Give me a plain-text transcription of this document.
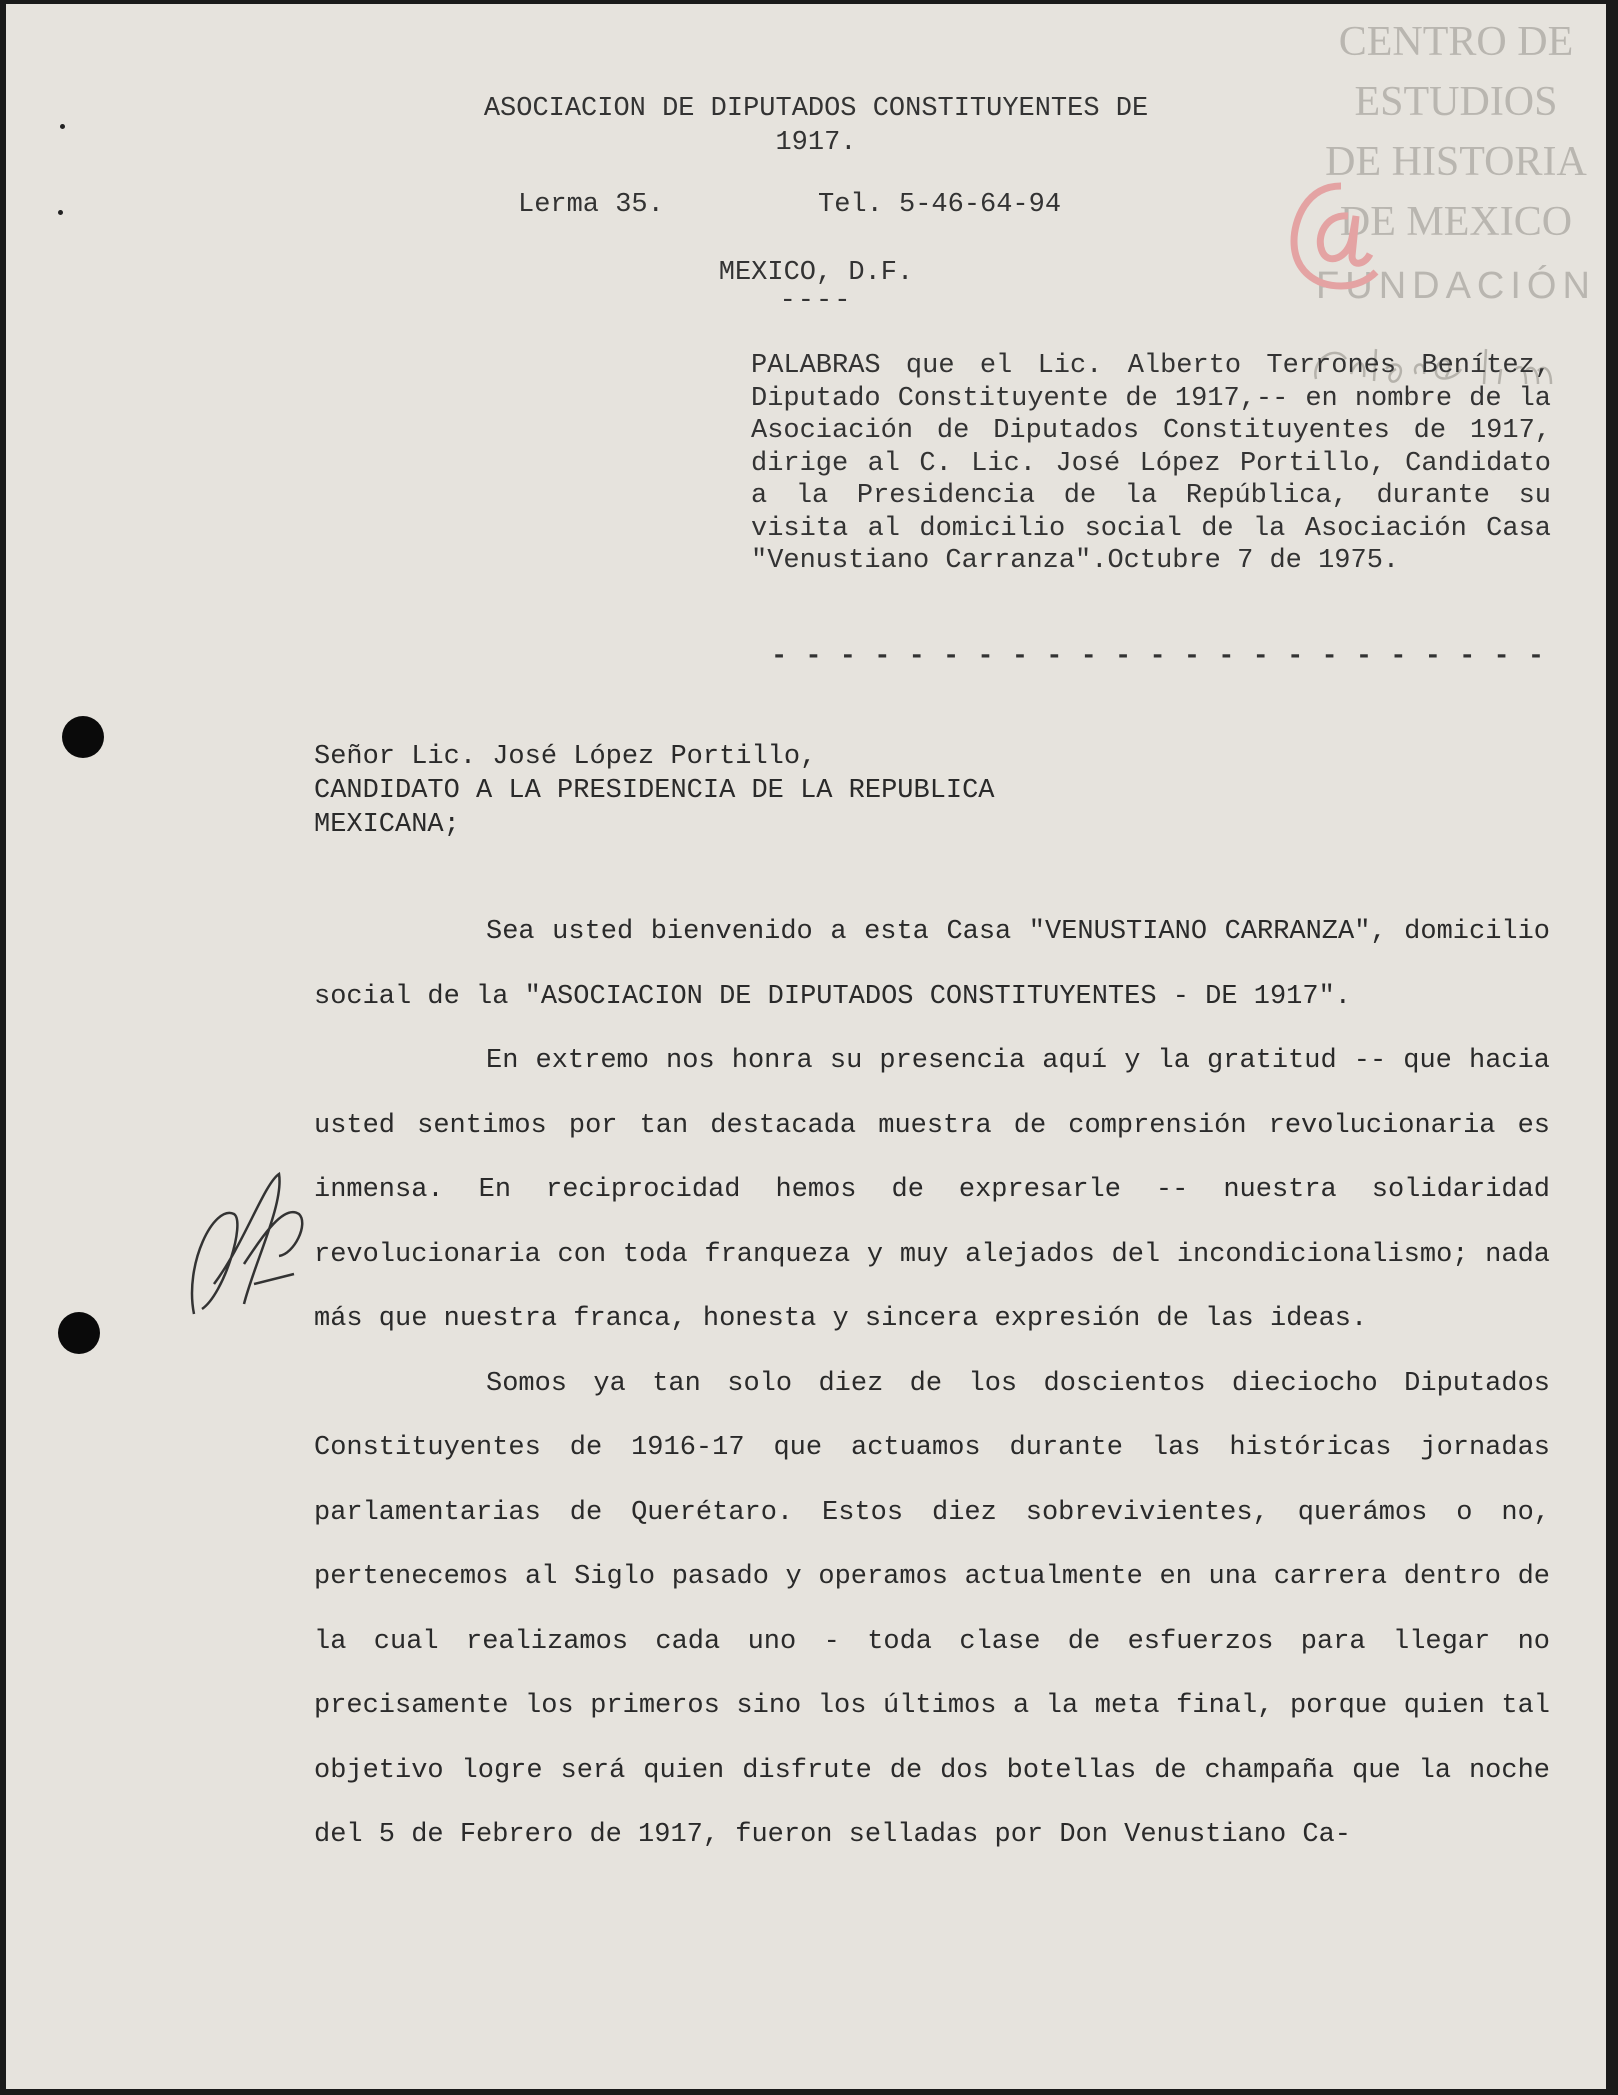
CENTRO DE
ESTUDIOS
DE HISTORIA
DE MEXICO
FUNDACIÓN
ASOCIACION DE DIPUTADOS CONSTITUYENTES DE
1917.
Lerma 35.	Tel. 5-46-64-94
MEXICO, D.F.
----
PALABRAS que el Lic. Alberto Terrones Benítez, Diputado Constituyente de 1917,-- en nombre de la Asociación de Diputados Constituyentes de 1917, dirige al C. Lic. José López Portillo, Candidato a la Presidencia de la República, durante su visita al domicilio social de la Asociación Casa "Venustiano Carranza".Octubre 7 de 1975.
- - - - - - - - - - - - - - - - - - - - - - -
Señor Lic. José López Portillo,
CANDIDATO A LA PRESIDENCIA DE LA REPUBLICA
MEXICANA;

Sea usted bienvenido a esta Casa "VENUSTIANO CARRANZA", domicilio social de la "ASOCIACION DE DIPUTADOS CONSTITUYENTES - DE 1917".

En extremo nos honra su presencia aquí y la gratitud -- que hacia usted sentimos por tan destacada muestra de comprensión revolucionaria es inmensa. En reciprocidad hemos de expresarle -- nuestra solidaridad revolucionaria con toda franqueza y muy alejados del incondicionalismo; nada más que nuestra franca, honesta y sincera expresión de las ideas.

Somos ya tan solo diez de los doscientos dieciocho Diputados Constituyentes de 1916-17 que actuamos durante las históricas jornadas parlamentarias de Querétaro. Estos diez sobrevivientes, querámos o no, pertenecemos al Siglo pasado y operamos actualmente en una carrera dentro de la cual realizamos cada uno - toda clase de esfuerzos para llegar no precisamente los primeros sino los últimos a la meta final, porque quien tal objetivo logre será quien disfrute de dos botellas de champaña que la noche del 5 de Febrero de 1917, fueron selladas por Don Venustiano Ca-
